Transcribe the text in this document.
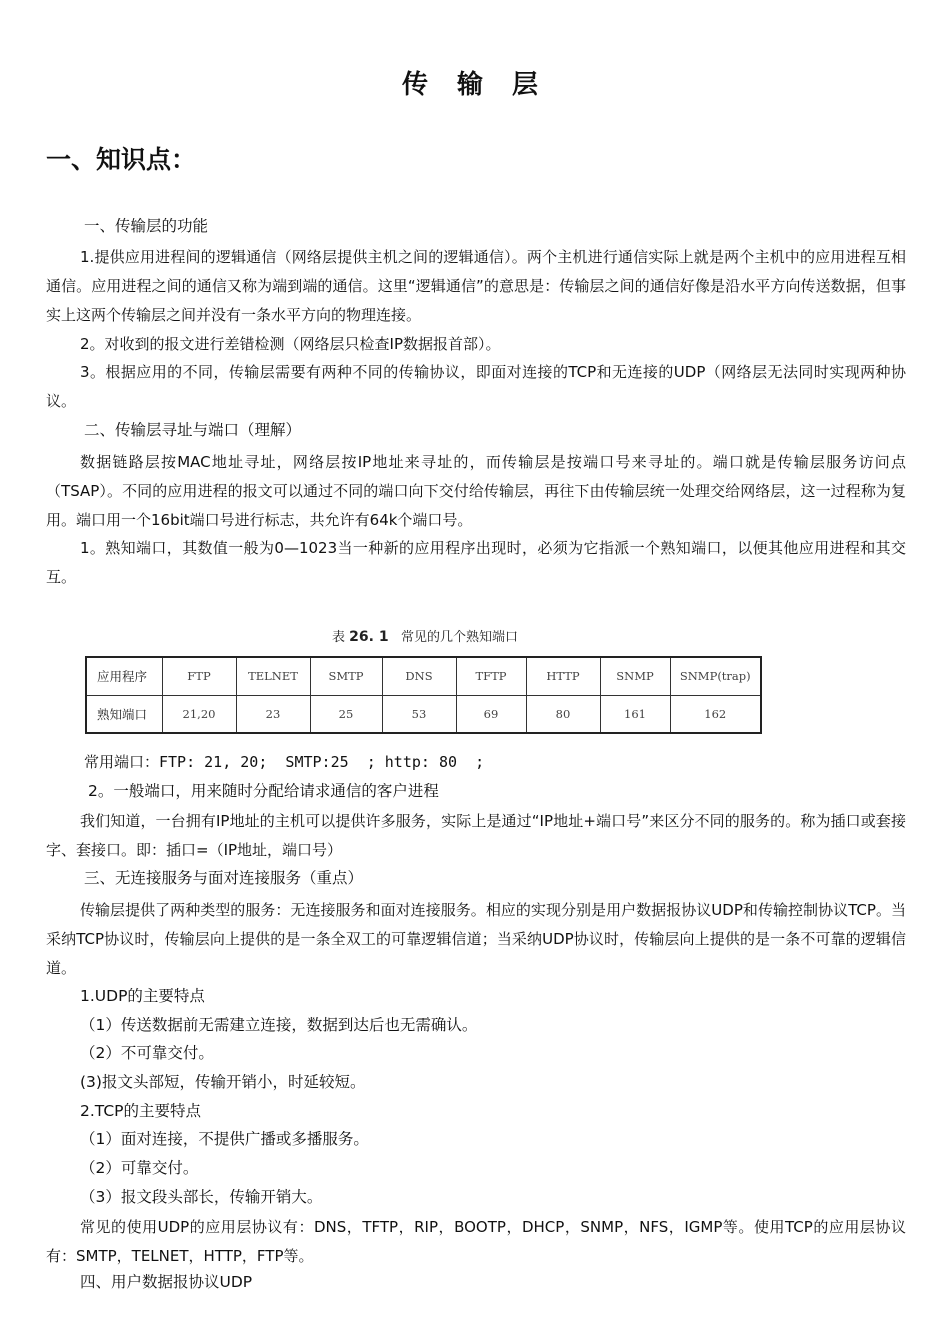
传 输 层
一、知识点：
一、传输层的功能

1.提供应用进程间的逻辑通信（网络层提供主机之间的逻辑通信）。两个主机进行通信实际上就是两个主机中的应用进程互相通信。应用进程之间的通信又称为端到端的通信。这里“逻辑通信”的意思是：传输层之间的通信好像是沿水平方向传送数据，但事实上这两个传输层之间并没有一条水平方向的物理连接。

2。对收到的报文进行差错检测（网络层只检查IP数据报首部）。

3。根据应用的不同，传输层需要有两种不同的传输协议，即面对连接的TCP和无连接的UDP（网络层无法同时实现两种协议。

二、传输层寻址与端口（理解）

数据链路层按MAC地址寻址，网络层按IP地址来寻址的，而传输层是按端口号来寻址的。端口就是传输层服务访问点（TSAP）。不同的应用进程的报文可以通过不同的端口向下交付给传输层，再往下由传输层统一处理交给网络层，这一过程称为复用。端口用一个16bit端口号进行标志，共允许有64k个端口号。

1。熟知端口，其数值一般为0—1023当一种新的应用程序出现时，必须为它指派一个熟知端口，以便其他应用进程和其交互。

表 26. 1 常见的几个熟知端口
应用程序	FTP	TELNET	SMTP	DNS	TFTP	HTTP	SNMP	SNMP(trap)
熟知端口	21,20	23	25	53	69	80	161	162
常用端口：FTP: 21, 20;  SMTP:25  ; http: 80  ;
2。一般端口，用来随时分配给请求通信的客户进程

我们知道，一台拥有IP地址的主机可以提供许多服务，实际上是通过“IP地址+端口号”来区分不同的服务的。称为插口或套接字、套接口。即：插口=（IP地址，端口号）

三、无连接服务与面对连接服务（重点）

传输层提供了两种类型的服务：无连接服务和面对连接服务。相应的实现分别是用户数据报协议UDP和传输控制协议TCP。当采纳TCP协议时，传输层向上提供的是一条全双工的可靠逻辑信道；当采纳UDP协议时，传输层向上提供的是一条不可靠的逻辑信道。

1.UDP的主要特点
（1）传送数据前无需建立连接，数据到达后也无需确认。
（2）不可靠交付。
(3)报文头部短，传输开销小，时延较短。
2.TCP的主要特点
（1）面对连接，不提供广播或多播服务。
（2）可靠交付。
（3）报文段头部长，传输开销大。

常见的使用UDP的应用层协议有：DNS，TFTP，RIP，BOOTP，DHCP，SNMP，NFS，IGMP等。使用TCP的应用层协议有：SMTP，TELNET，HTTP，FTP等。

四、用户数据报协议UDP
